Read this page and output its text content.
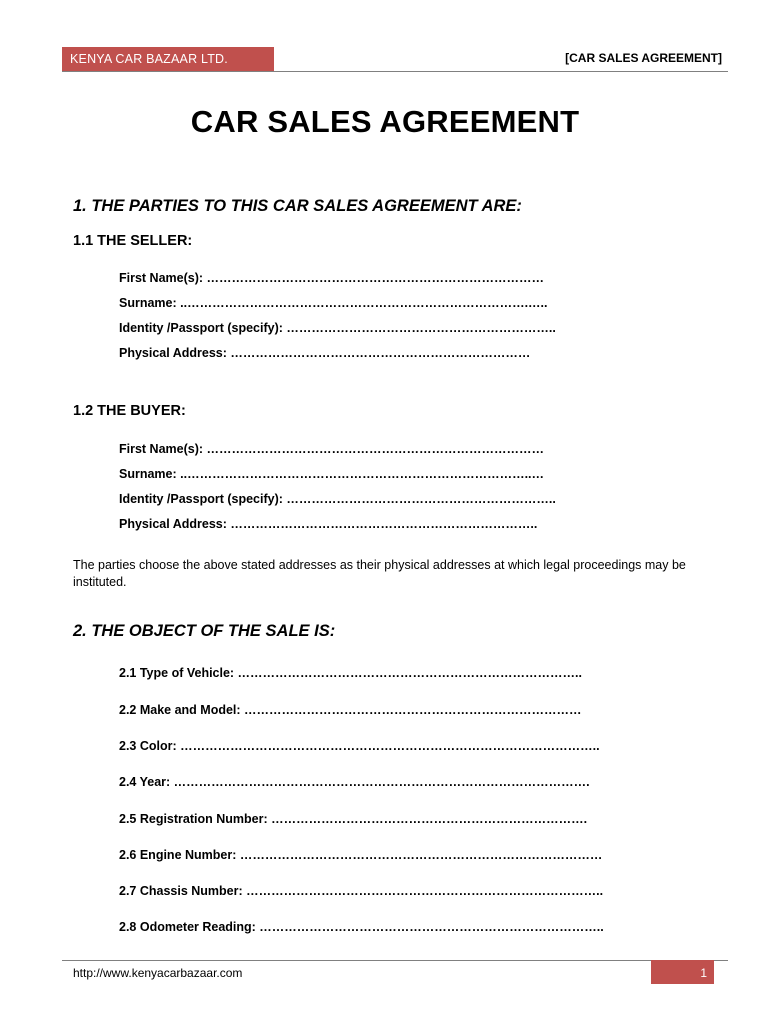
KENYA CAR BAZAAR LTD.	[CAR SALES AGREEMENT]
CAR SALES AGREEMENT
1. THE PARTIES TO THIS CAR SALES AGREEMENT ARE:
1.1 THE SELLER:
First Name(s): ………………………………………………………………………
Surname: ..……………………………………………………………………….…..
Identity /Passport (specify): ………………………………………………………..
Physical Address: ………………………………………………………………
1.2 THE BUYER:
First Name(s): ………………………………………………………………………
Surname: ..………………………………………………………………………..…
Identity /Passport (specify): ………………………………………………………..
Physical Address: ………………………………………………………………..
The parties choose the above stated addresses as their physical addresses at which legal proceedings may be instituted.
2. THE OBJECT OF THE SALE IS:
2.1 Type of Vehicle: ………………………………………………………………………..
2.2 Make and Model: ………………………………………………………………………
2.3 Color: ………………………………………………………………………………………..
2.4 Year: ……………………………………………………………………………………….
2.5 Registration Number: ………………………………………………………………….
2.6 Engine Number: ……………………………………………………………………………
2.7 Chassis Number: …………………………………………………………………………..
2.8 Odometer Reading: ………………………………………………………………………..
http://www.kenyacarbazaar.com	1
